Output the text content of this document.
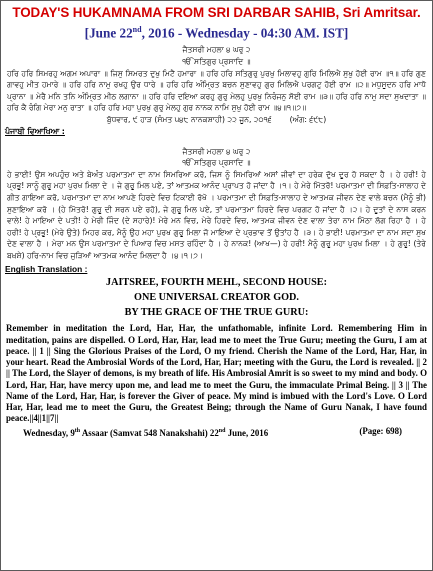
TODAY'S HUKAMNAMA FROM SRI DARBAR SAHIB, Sri Amritsar.
[June 22nd, 2016 - Wednesday - 04:30 AM. IST]
ਜੈਤਸਰੀ ਮਹਲਾ ੪ ਘਰੁ ੨
ੴ ਸਤਿਗੁਰ ਪ੍ਰਸਾਦਿ ॥
ਹਰਿ ਹਰਿ ਸਿਮਰਹੁ ਅਗਮ ਅਪਾਰਾ ॥ ਜਿਸੁ ਸਿਮਰਤ ਦੁਖੁ ਮਿਟੈ ਹਮਾਰਾ ॥ ਹਰਿ ਹਰਿ ਸਤਿਗੁਰੁ ਪੁਰਖੁ ਮਿਲਾਵਹੁ ਗੁਰਿ ਮਿਲਿਐ ਸੁਖੁ ਹੋਈ ਰਾਮ ॥੧॥ ਹਰਿ ਗੁਣ ਗਾਵਹੁ ਮੀਤ ਹਮਾਰੇ ॥ ਹਰਿ ਹਰਿ ਨਾਮੁ ਰਖਹੁ ਉਰ ਧਾਰੇ ॥ ਹਰਿ ਹਰਿ ਅੰਮ੍ਰਿਤ ਬਚਨ ਸੁਣਾਵਹੁ ਗੁਰ ਮਿਲਿਐ ਪਰਗਟੁ ਹੋਈ ਰਾਮ ॥੨॥ ਮਧੁਸੂਦਨ ਹਰਿ ਮਾਧੋ ਪ੍ਰਾਨਾ ॥ ਮੇਰੈ ਮਨਿ ਤਨਿ ਅੰਮ੍ਰਿਤ ਮੀਠ ਲਗਾਨਾ ॥ ਹਰਿ ਹਰਿ ਦਇਆ ਕਰਹੁ ਗੁਰੁ ਮੇਲਹੁ ਪੁਰਖੁ ਨਿਰੰਜਨੁ ਸੋਈ ਰਾਮ ॥੩॥ ਹਰਿ ਹਰਿ ਨਾਮੁ ਸਦਾ ਸੁਖਦਾਤਾ ॥ ਹਰਿ ਕੈ ਰੰਗਿ ਮੇਰਾ ਮਨੁ ਰਾਤਾ ॥ ਹਰਿ ਹਰਿ ਮਹਾ ਪੁਰਖੁ ਗੁਰੁ ਮੇਲਹੁ ਗੁਰ ਨਾਨਕ ਨਾਮਿ ਸੁਖੁ ਹੋਈ ਰਾਮ ॥੪॥੧॥੭॥
ਬੁੱਧਵਾਰ, ੯ ਹਾੜ (ਸੰਮਤ ੫੪੮ ਨਾਨਕਸ਼ਾਹੀ) ੨੨ ਜੂਨ, ੨੦੧੬ (ਅੰਗ: ੬੯੮)
ਪੰਜਾਬੀ ਵਿਆਖਿਆ :
ਜੈਤਸਰੀ ਮਹਲਾ ੪ ਘਰੁ ੨
ੴ ਸਤਿਗੁਰ ਪ੍ਰਸਾਦਿ ॥
ਹੇ ਭਾਈ! ਉਸ ਅਪਹੁੰਚ ਅਤੇ ਬੇਅੰਤ ਪਰਮਾਤਮਾ ਦਾ ਨਾਮ ਸਿਮਰਿਆ ਕਰੋ, ਜਿਸ ਨੂੰ ਸਿਮਰਿਆਂ ਅਸਾਂ ਜੀਵਾਂ ਦਾ ਹਰੇਕ ਦੁੱਖ ਦੂਰ ਹੋ ਸਕਦਾ ਹੈ । ਹੇ ਹਰੀ! ਹੇ ਪ੍ਰਭੂ! ਸਾਨੂੰ ਗੁਰੂ ਮਹਾ ਪੁਰਖ ਮਿਲਾ ਦੇ । ਜੇ ਗੁਰੂ ਮਿਲ ਪਏ, ਤਾਂ ਆਤਮਕ ਆਨੰਦ ਪ੍ਰਾਪਤ ਹੋ ਜਾਂਦਾ ਹੈ ।੧। ਹੇ ਮੇਰੇ ਮਿੱਤਰੋ! ਪਰਮਾਤਮਾ ਦੀ ਸਿਫ਼ਤਿ-ਸਾਲਾਹ ਦੇ ਗੀਤ ਗਾਇਆ ਕਰੋ, ਪਰਮਾਤਮਾ ਦਾ ਨਾਮ ਆਪਣੇ ਹਿਰਦੇ ਵਿਚ ਟਿਕਾਈ ਰੱਖੋ । ਪਰਮਾਤਮਾ ਦੀ ਸਿਫ਼ਤਿ-ਸਾਲਾਹ ਦੇ ਆਤਮਕ ਜੀਵਨ ਦੇਣ ਵਾਲੇ ਬਚਨ (ਮੈਨੂੰ ਭੀ) ਸੁਣਾਇਆ ਕਰੋ । (ਹੇ ਮਿੱਤਰੋ! ਗੁਰੂ ਦੀ ਸਰਨ ਪਏ ਰਹੋ), ਜੇ ਗੁਰੂ ਮਿਲ ਪਏ, ਤਾਂ ਪਰਮਾਤਮਾ ਹਿਰਦੇ ਵਿਚ ਪਰਗਟ ਹੋ ਜਾਂਦਾ ਹੈ ।੨। ਹੇ ਦੂਤਾਂ ਦੇ ਨਾਸ ਕਰਨ ਵਾਲੇ! ਹੇ ਮਾਇਆ ਦੇ ਪਤੀ! ਹੇ ਮੇਰੀ ਜਿੰਦ (ਦੇ ਸਹਾਰੇ)! ਮੇਰੇ ਮਨ ਵਿਚ, ਮੇਰੇ ਹਿਰਦੇ ਵਿਚ, ਆਤਮਕ ਜੀਵਨ ਦੇਣ ਵਾਲਾ ਤੇਰਾ ਨਾਮ ਮਿੱਠਾ ਲੱਗ ਰਿਹਾ ਹੈ । ਹੇ ਹਰੀ! ਹੇ ਪ੍ਰਭੂ! (ਮੇਰੇ ਉਤੇ) ਮਿਹਰ ਕਰ, ਮੈਨੂੰ ਉਹ ਮਹਾ ਪੁਰਖ ਗੁਰੂ ਮਿਲਾ ਜੋ ਮਾਇਆ ਦੇ ਪ੍ਰਭਾਵ ਤੋਂ ਉਤਾਂਹ ਹੈ ।੩। ਹੇ ਭਾਈ! ਪਰਮਾਤਮਾ ਦਾ ਨਾਮ ਸਦਾ ਸੁਖ ਦੇਣ ਵਾਲਾ ਹੈ । ਮੇਰਾ ਮਨ ਉਸ ਪਰਮਾਤਮਾ ਦੇ ਪਿਆਰ ਵਿਚ ਮਸਤ ਰਹਿੰਦਾ ਹੈ । ਹੇ ਨਾਨਕ! (ਆਖ—) ਹੇ ਹਰੀ! ਮੈਨੂੰ ਗੁਰੂ ਮਹਾ ਪੁਰਖ ਮਿਲਾ । ਹੇ ਗੁਰੂ! (ਤੇਰੇ ਬਖ਼ਸ਼ੇ) ਹਰਿ-ਨਾਮ ਵਿਚ ਜੁੜਿਆਂ ਆਤਮਕ ਆਨੰਦ ਮਿਲਦਾ ਹੈ ।੪।੧।੭।
English Translation :
JAITSREE, FOURTH MEHL, SECOND HOUSE:
ONE UNIVERSAL CREATOR GOD.
BY THE GRACE OF THE TRUE GURU:
Remember in meditation the Lord, Har, Har, the unfathomable, infinite Lord. Remembering Him in meditation, pains are dispelled. O Lord, Har, Har, lead me to meet the True Guru; meeting the Guru, I am at peace. || 1 || Sing the Glorious Praises of the Lord, O my friend. Cherish the Name of the Lord, Har, Har, in your heart. Read the Ambrosial Words of the Lord, Har, Har; meeting with the Guru, the Lord is revealed. || 2 || The Lord, the Slayer of demons, is my breath of life. His Ambrosial Amrit is so sweet to my mind and body. O Lord, Har, Har, have mercy upon me, and lead me to meet the Guru, the immaculate Primal Being. || 3 || The Name of the Lord, Har, Har, is forever the Giver of peace. My mind is imbued with the Lord's Love. O Lord Har, Har, lead me to meet the Guru, the Greatest Being; through the Name of Guru Nanak, I have found peace.||4||1||7||
Wednesday, 9th Assaar (Samvat 548 Nanakshahi) 22nd June, 2016	(Page: 698)
